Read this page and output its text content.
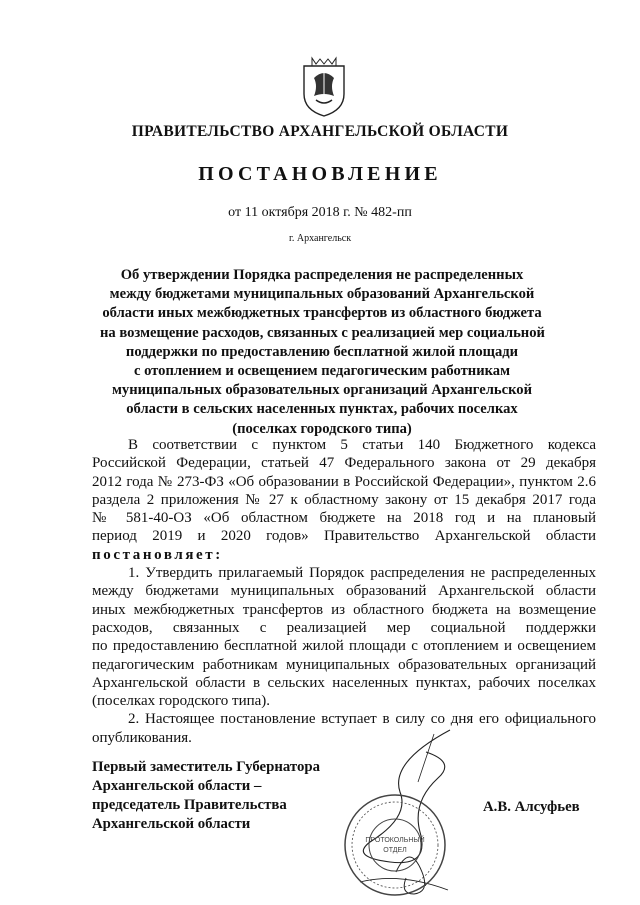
ПРАВИТЕЛЬСТВО АРХАНГЕЛЬСКОЙ ОБЛАСТИ
ПОСТАНОВЛЕНИЕ
от 11 октября 2018 г. № 482-пп
г. Архангельск
Об утверждении Порядка распределения не распределенных
между бюджетами муниципальных образований Архангельской
области иных межбюджетных трансфертов из областного бюджета
на возмещение расходов, связанных с реализацией мер социальной
поддержки по предоставлению бесплатной жилой площади
с отоплением и освещением педагогическим работникам
муниципальных образовательных организаций Архангельской
области в сельских населенных пунктах, рабочих поселках
(поселках городского типа)
В соответствии с пунктом 5 статьи 140 Бюджетного кодекса
Российской Федерации, статьей 47 Федерального закона от 29 декабря
2012 года № 273-ФЗ «Об образовании в Российской Федерации», пунктом 2.6
раздела 2 приложения № 27 к областному закону от 15 декабря 2017 года
№ 581-40-ОЗ «Об областном бюджете на 2018 год и на плановый
период 2019 и 2020 годов» Правительство Архангельской области
постановляет:
1. Утвердить прилагаемый Порядок распределения не распределенных
между бюджетами муниципальных образований Архангельской области
иных межбюджетных трансфертов из областного бюджета на возмещение
расходов, связанных с реализацией мер социальной поддержки
по предоставлению бесплатной жилой площади с отоплением и освещением
педагогическим работникам муниципальных образовательных организаций
Архангельской области в сельских населенных пунктах, рабочих поселках
(поселках городского типа).
2. Настоящее постановление вступает в силу со дня его официального
опубликования.
ПРОТОКОЛЬНЫЙ
ОТДЕЛ
Первый заместитель Губернатора
Архангельской области –
председатель Правительства
Архангельской области
А.В. Алсуфьев
